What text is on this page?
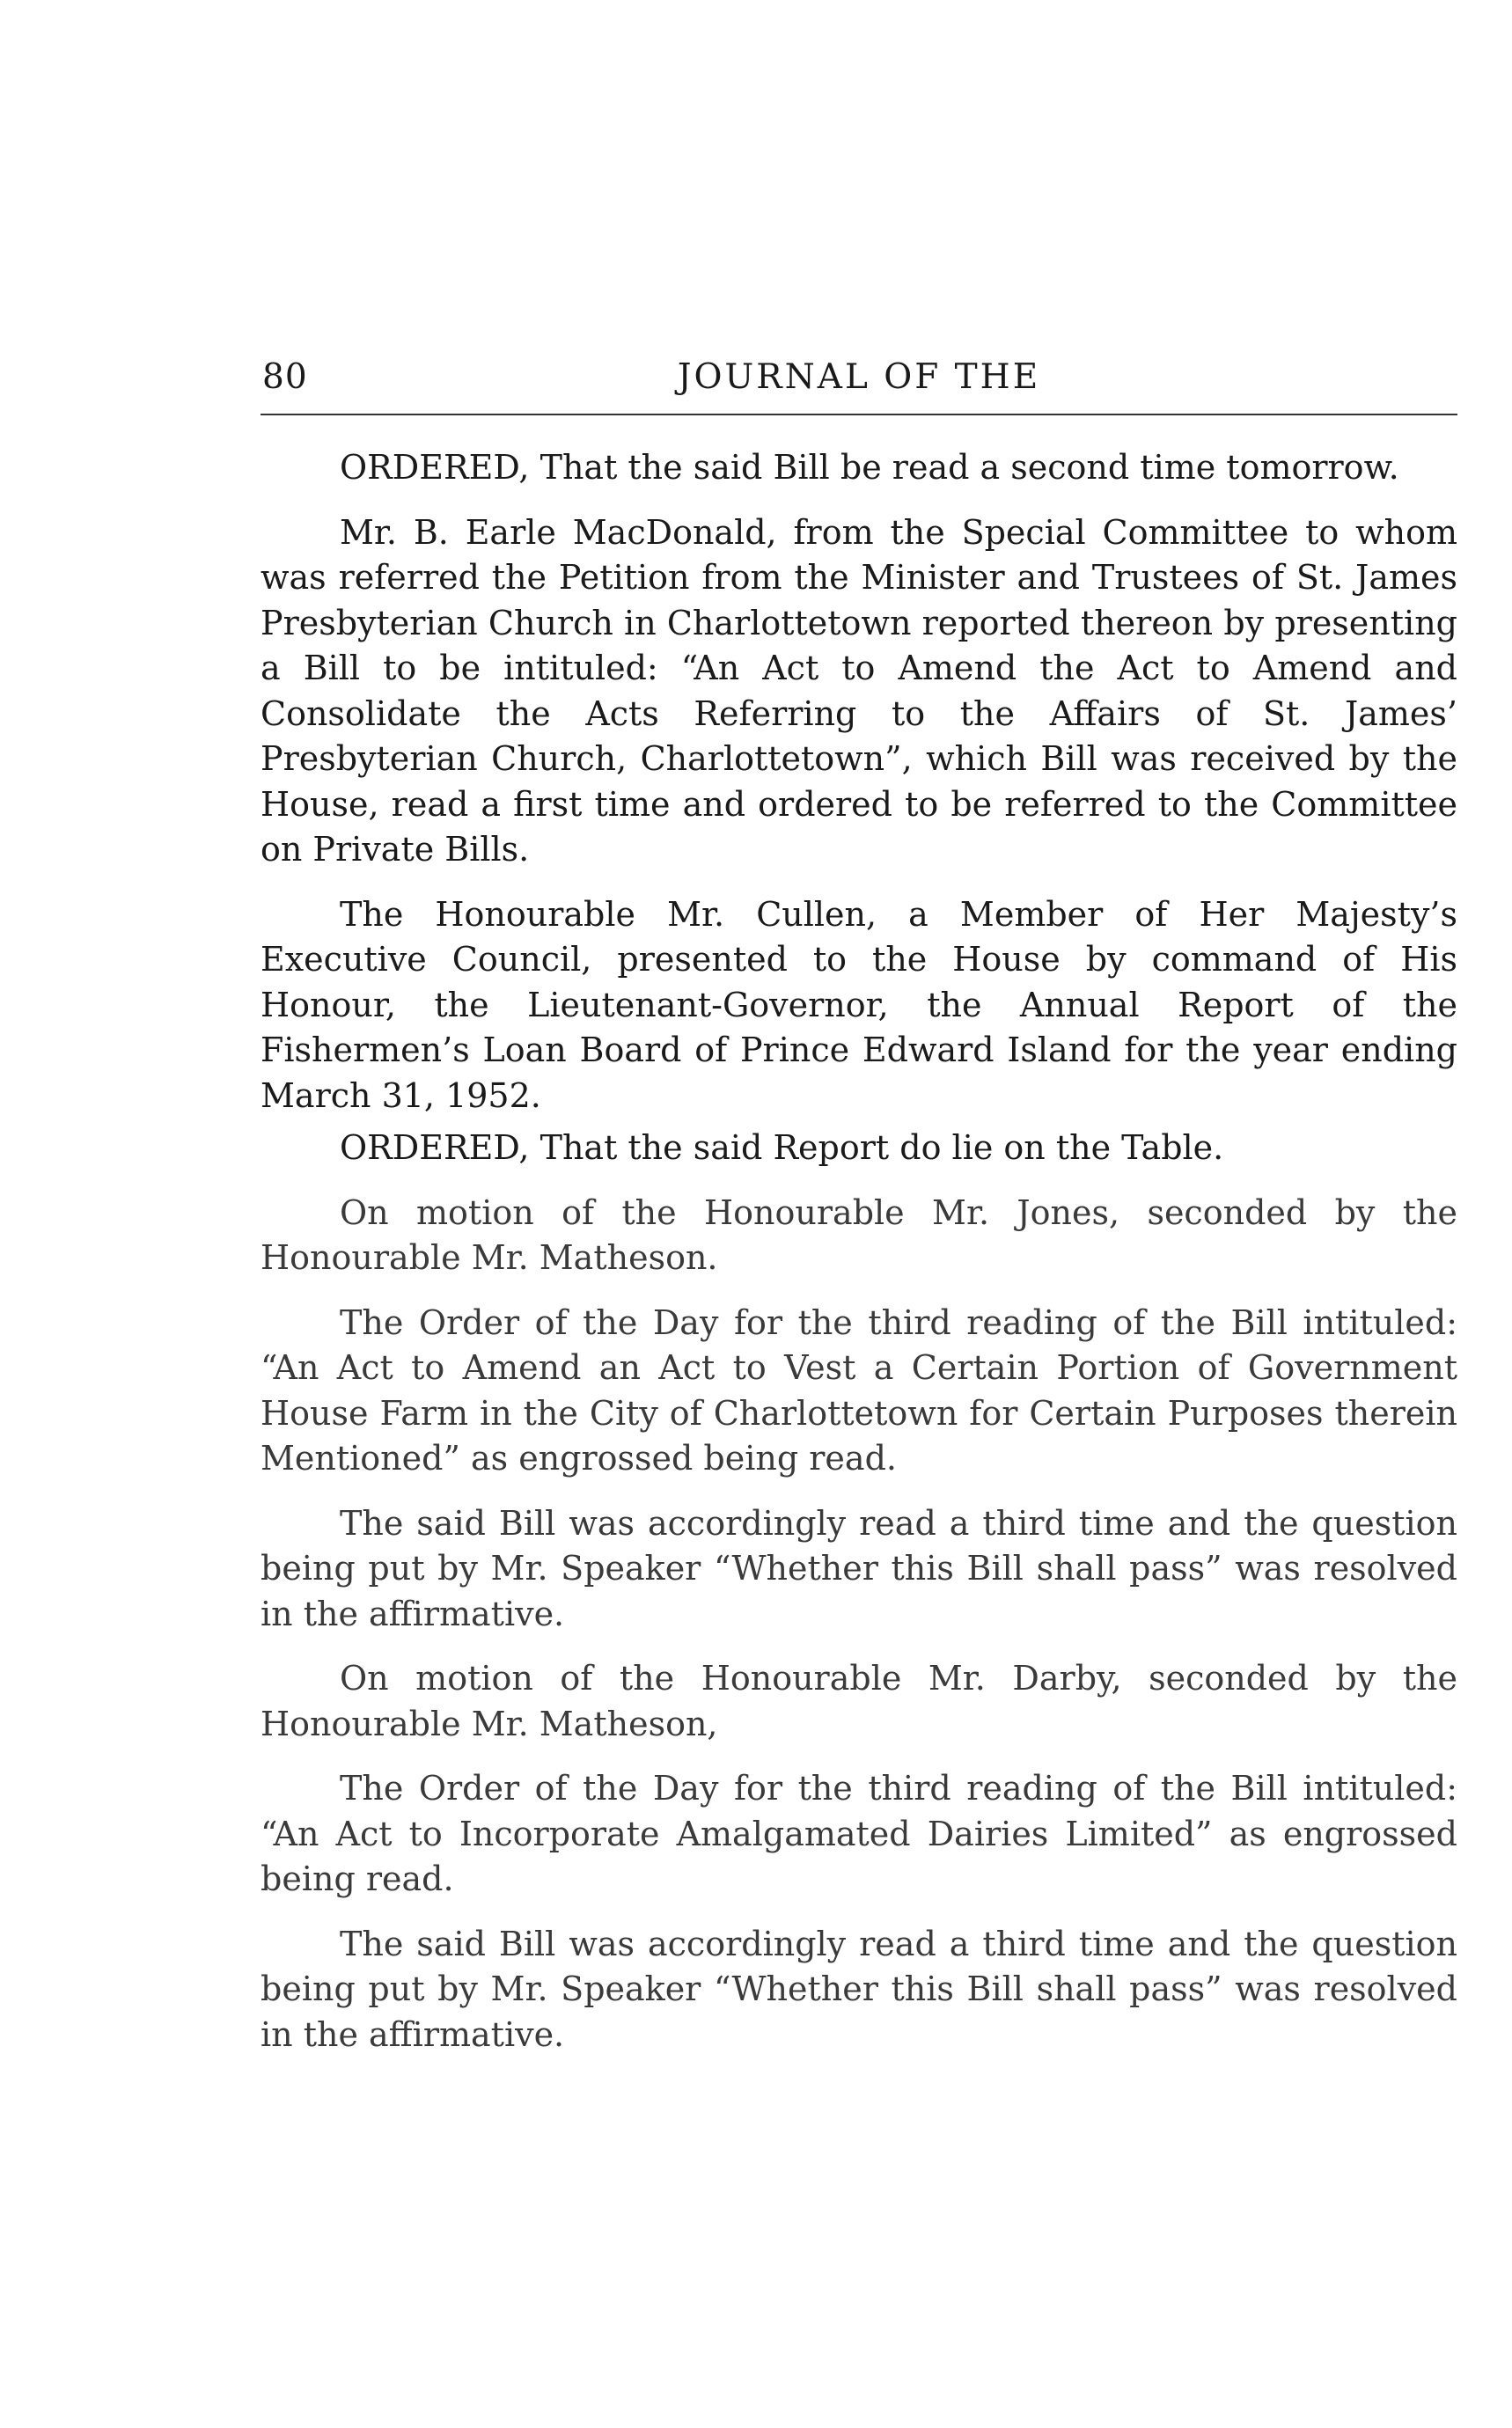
80	JOURNAL OF THE

ORDERED, That the said Bill be read a second time tomorrow.

Mr. B. Earle MacDonald, from the Special Committee to whom was referred the Petition from the Minister and Trustees of St. James Presbyterian Church in Charlottetown reported thereon by presenting a Bill to be intituled: “An Act to Amend the Act to Amend and Consolidate the Acts Referring to the Affairs of St. James’ Presbyterian Church, Charlottetown”, which Bill was received by the House, read a first time and ordered to be referred to the Committee on Private Bills.

The Honourable Mr. Cullen, a Member of Her Majesty’s Executive Council, presented to the House by command of His Honour, the Lieutenant-Governor, the Annual Report of the Fishermen’s Loan Board of Prince Edward Island for the year ending March 31, 1952.

ORDERED, That the said Report do lie on the Table.

On motion of the Honourable Mr. Jones, seconded by the Honourable Mr. Matheson.

The Order of the Day for the third reading of the Bill intituled: “An Act to Amend an Act to Vest a Certain Portion of Government House Farm in the City of Charlottetown for Certain Purposes therein Mentioned” as engrossed being read.

The said Bill was accordingly read a third time and the question being put by Mr. Speaker “Whether this Bill shall pass” was resolved in the affirmative.

On motion of the Honourable Mr. Darby, seconded by the Honourable Mr. Matheson,

The Order of the Day for the third reading of the Bill intituled: “An Act to Incorporate Amalgamated Dairies Limited” as engrossed being read.

The said Bill was accordingly read a third time and the question being put by Mr. Speaker “Whether this Bill shall pass” was resolved in the affirmative.
